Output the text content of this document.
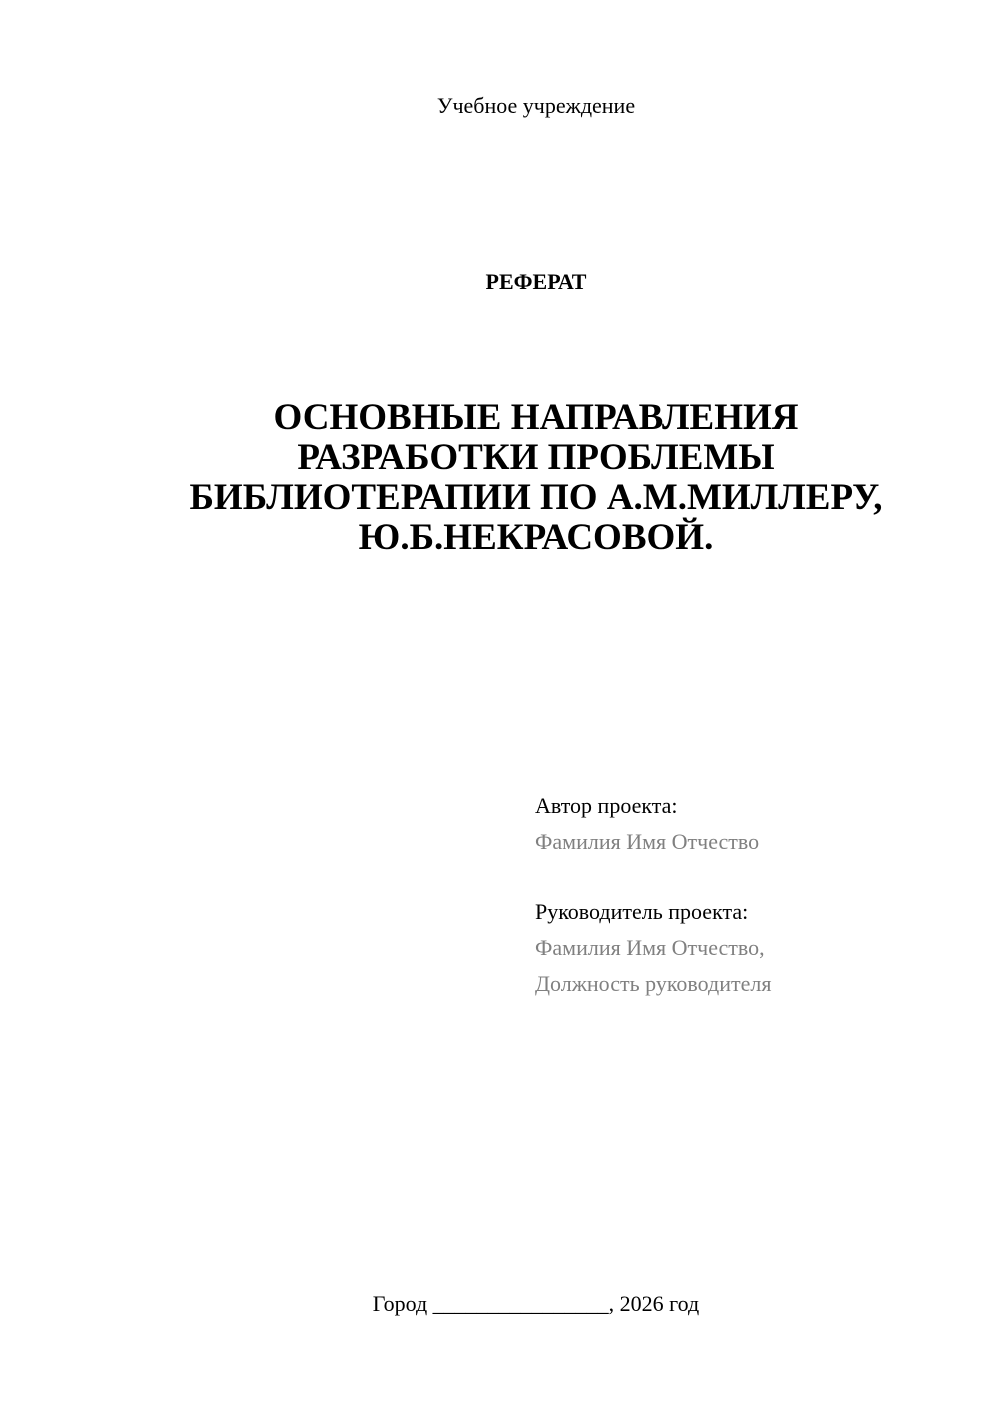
Учебное учреждение
РЕФЕРАТ
ОСНОВНЫЕ НАПРАВЛЕНИЯ
РАЗРАБОТКИ ПРОБЛЕМЫ
БИБЛИОТЕРАПИИ ПО А.М.МИЛЛЕРУ,
Ю.Б.НЕКРАСОВОЙ.
Автор проекта:
Фамилия Имя Отчество
Руководитель проекта:
Фамилия Имя Отчество,
Должность руководителя
Город ________________, 2026 год
